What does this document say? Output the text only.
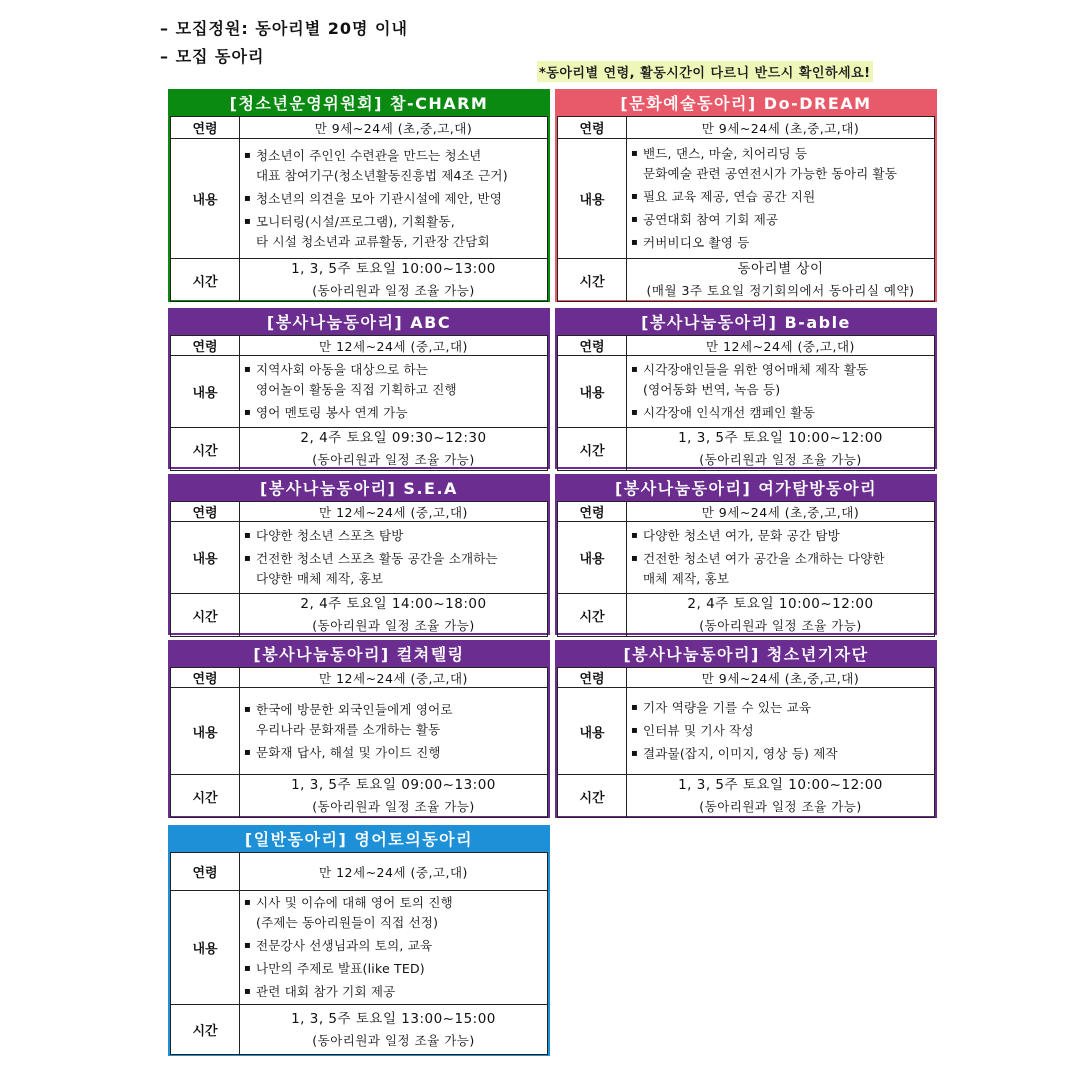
– 모집정원: 동아리별 20명 이내
– 모집 동아리
*동아리별 연령, 활동시간이 다르니 반드시 확인하세요!
[청소년운영위원회] 참-CHARM
연령	만 9세~24세 (초,중,고,대)
내용	▪ 청소년이 주인인 수련관을 만드는 청소년
대표 참여기구(청소년활동진흥법 제4조 근거)
▪ 청소년의 의견을 모아 기관시설에 제안, 반영
▪ 모니터링(시설/프로그램), 기획활동,
타 시설 청소년과 교류활동, 기관장 간담회

시간	1, 3, 5주 토요일 10:00~13:00
(동아리원과 일정 조율 가능)
[문화예술동아리] Do-DREAM
연령	만 9세~24세 (초,중,고,대)
내용	▪ 밴드, 댄스, 마술, 치어리딩 등
문화예술 관련 공연전시가 가능한 동아리 활동
▪ 필요 교육 제공, 연습 공간 지원
▪ 공연대회 참여 기회 제공
▪ 커버비디오 촬영 등

시간	동아리별 상이
(매월 3주 토요일 정기회의에서 동아리실 예약)
[봉사나눔동아리] ABC
연령	만 12세~24세 (중,고,대)
내용	▪ 지역사회 아동을 대상으로 하는
영어놀이 활동을 직접 기획하고 진행
▪ 영어 멘토링 봉사 연계 가능

시간	2, 4주 토요일 09:30~12:30
(동아리원과 일정 조율 가능)
[봉사나눔동아리] B-able
연령	만 12세~24세 (중,고,대)
내용	▪ 시각장애인들을 위한 영어매체 제작 활동
(영어동화 번역, 녹음 등)
▪ 시각장애 인식개선 캠페인 활동

시간	1, 3, 5주 토요일 10:00~12:00
(동아리원과 일정 조율 가능)
[봉사나눔동아리] S.E.A
연령	만 12세~24세 (중,고,대)
내용	▪ 다양한 청소년 스포츠 탐방
▪ 건전한 청소년 스포츠 활동 공간을 소개하는
다양한 매체 제작, 홍보

시간	2, 4주 토요일 14:00~18:00
(동아리원과 일정 조율 가능)
[봉사나눔동아리] 여가탐방동아리
연령	만 9세~24세 (초,중,고,대)
내용	▪ 다양한 청소년 여가, 문화 공간 탐방
▪ 건전한 청소년 여가 공간을 소개하는 다양한
매체 제작, 홍보

시간	2, 4주 토요일 10:00~12:00
(동아리원과 일정 조율 가능)
[봉사나눔동아리] 컬쳐텔링
연령	만 12세~24세 (중,고,대)
내용	▪ 한국에 방문한 외국인들에게 영어로
우리나라 문화재를 소개하는 활동
▪ 문화재 답사, 해설 및 가이드 진행

시간	1, 3, 5주 토요일 09:00~13:00
(동아리원과 일정 조율 가능)
[봉사나눔동아리] 청소년기자단
연령	만 9세~24세 (초,중,고,대)
내용	▪ 기자 역량을 기를 수 있는 교육
▪ 인터뷰 및 기사 작성
▪ 결과물(잡지, 이미지, 영상 등) 제작

시간	1, 3, 5주 토요일 10:00~12:00
(동아리원과 일정 조율 가능)
[일반동아리] 영어토의동아리
연령	만 12세~24세 (중,고,대)
내용	▪ 시사 및 이슈에 대해 영어 토의 진행
(주제는 동아리원들이 직접 선정)
▪ 전문강사 선생님과의 토의, 교육
▪ 나만의 주제로 발표(like TED)
▪ 관련 대회 참가 기회 제공

시간	1, 3, 5주 토요일 13:00~15:00
(동아리원과 일정 조율 가능)
